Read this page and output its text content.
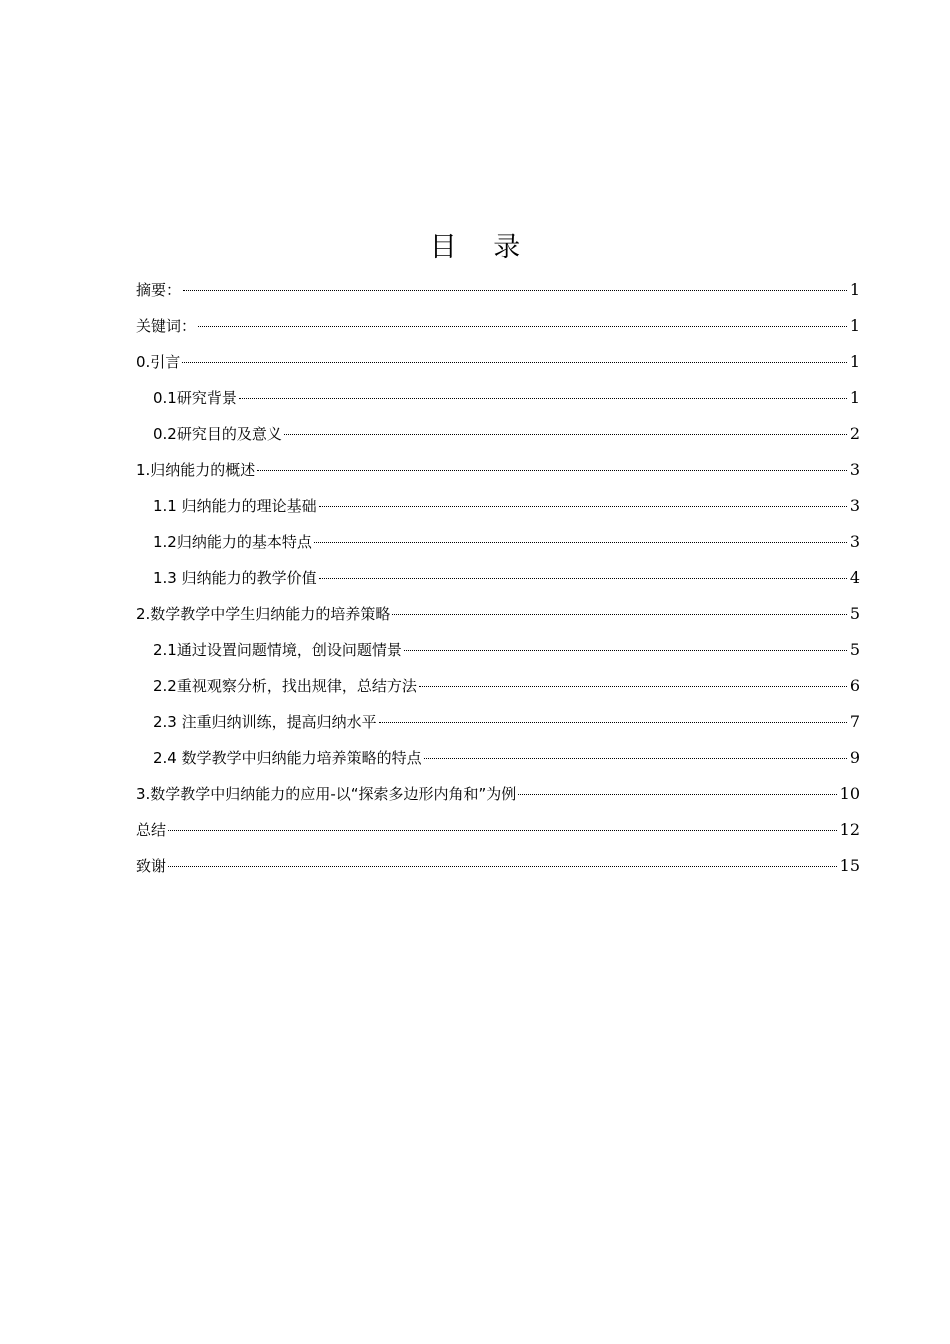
目 录
摘要：	1
关键词：	1
0.引言	1
0.1研究背景	1
0.2研究目的及意义	2
1.归纳能力的概述	3
1.1 归纳能力的理论基础	3
1.2归纳能力的基本特点	3
1.3 归纳能力的教学价值	4
2.数学教学中学生归纳能力的培养策略	5
2.1通过设置问题情境，创设问题情景	5
2.2重视观察分析，找出规律，总结方法	6
2.3 注重归纳训练，提高归纳水平	7
2.4 数学教学中归纳能力培养策略的特点	9
3.数学教学中归纳能力的应用-以“探索多边形内角和”为例	10
总结	12
致谢	15
